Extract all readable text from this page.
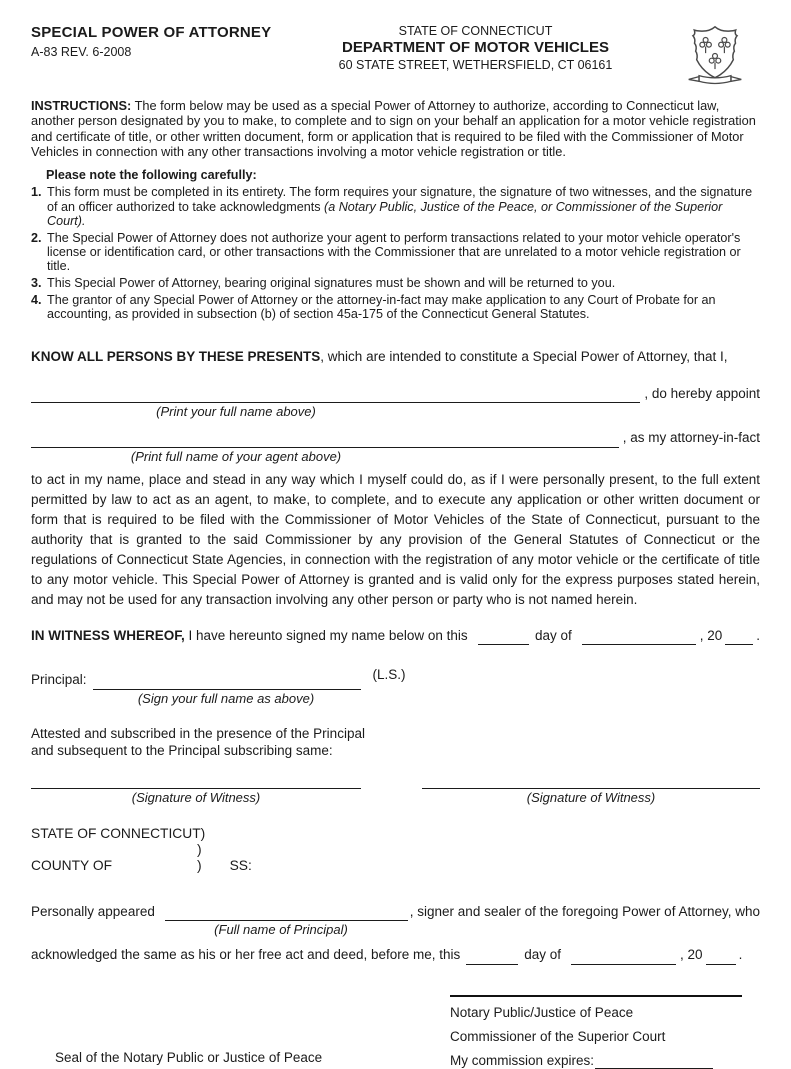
SPECIAL POWER OF ATTORNEY
A-83 REV. 6-2008
STATE OF CONNECTICUT
DEPARTMENT OF MOTOR VEHICLES
60 STATE STREET, WETHERSFIELD, CT 06161
INSTRUCTIONS: The form below may be used as a special Power of Attorney to authorize, according to Connecticut law, another person designated by you to make, to complete and to sign on your behalf an application for a motor vehicle registration and certificate of title, or other written document, form or application that is required to be filed with the Commissioner of Motor Vehicles in connection with any other transactions involving a motor vehicle registration or title.
Please note the following carefully:
1. This form must be completed in its entirety. The form requires your signature, the signature of two witnesses, and the signature of an officer authorized to take acknowledgments (a Notary Public, Justice of the Peace, or Commissioner of the Superior Court).
2. The Special Power of Attorney does not authorize your agent to perform transactions related to your motor vehicle operator's license or identification card, or other transactions with the Commissioner that are unrelated to a motor vehicle registration or title.
3. This Special Power of Attorney, bearing original signatures must be shown and will be returned to you.
4. The grantor of any Special Power of Attorney or the attorney-in-fact may make application to any Court of Probate for an accounting, as provided in subsection (b) of section 45a-175 of the Connecticut General Statutes.
KNOW ALL PERSONS BY THESE PRESENTS, which are intended to constitute a Special Power of Attorney, that I,
, do hereby appoint
(Print your full name above)
, as my attorney-in-fact
(Print full name of your agent above)
to act in my name, place and stead in any way which I myself could do, as if I were personally present, to the full extent permitted by law to act as an agent, to make, to complete, and to execute any application or other written document or form that is required to be filed with the Commissioner of Motor Vehicles of the State of Connecticut, pursuant to the authority that is granted to the said Commissioner by any provision of the General Statutes of Connecticut or the regulations of Connecticut State Agencies, in connection with the registration of any motor vehicle or the certificate of title to any motor vehicle. This Special Power of Attorney is granted and is valid only for the express purposes stated herein, and may not be used for any transaction involving any other person or party who is not named herein.
IN WITNESS WHEREOF, I have hereunto signed my name below on this	day of	, 20	.
Principal:	(L.S.)
(Sign your full name as above)
Attested and subscribed in the presence of the Principal
and subsequent to the Principal subscribing same:
(Signature of Witness)	(Signature of Witness)
STATE OF CONNECTICUT)
)
COUNTY OF	) SS:
Personally appeared	, signer and sealer of the foregoing Power of Attorney, who
(Full name of Principal)
acknowledged the same as his or her free act and deed, before me, this	day of	, 20	.
Seal of the Notary Public or Justice of Peace
Notary Public/Justice of Peace
Commissioner of the Superior Court
My commission expires:
